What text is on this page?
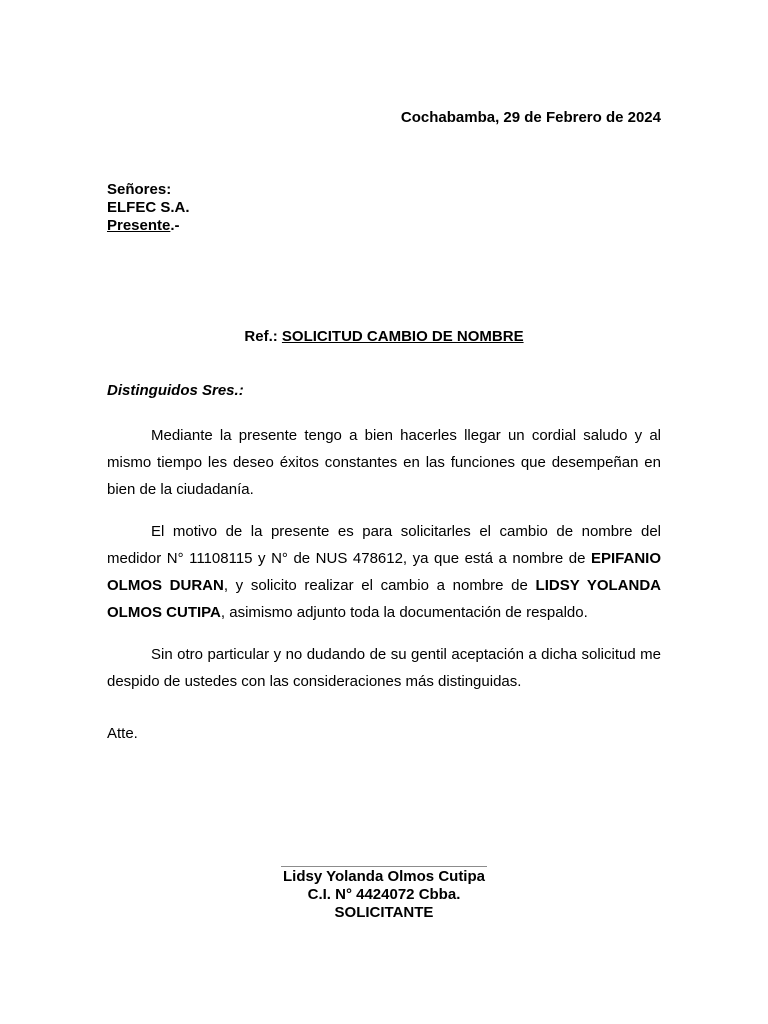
Cochabamba, 29 de Febrero de 2024
Señores:
ELFEC S.A.
Presente.-
Ref.: SOLICITUD CAMBIO DE NOMBRE
Distinguidos Sres.:
Mediante la presente tengo a bien hacerles llegar un cordial saludo y al mismo tiempo les deseo éxitos constantes en las funciones que desempeñan en bien de la ciudadanía.
El motivo de la presente es para solicitarles el cambio de nombre del medidor N° 11108115 y N° de NUS 478612, ya que está a nombre de EPIFANIO OLMOS DURAN, y solicito realizar el cambio a nombre de LIDSY YOLANDA OLMOS CUTIPA, asimismo adjunto toda la documentación de respaldo.
Sin otro particular y no dudando de su gentil aceptación a dicha solicitud me despido de ustedes con las consideraciones más distinguidas.
Atte.
Lidsy Yolanda Olmos Cutipa
C.I. N° 4424072 Cbba.
SOLICITANTE
